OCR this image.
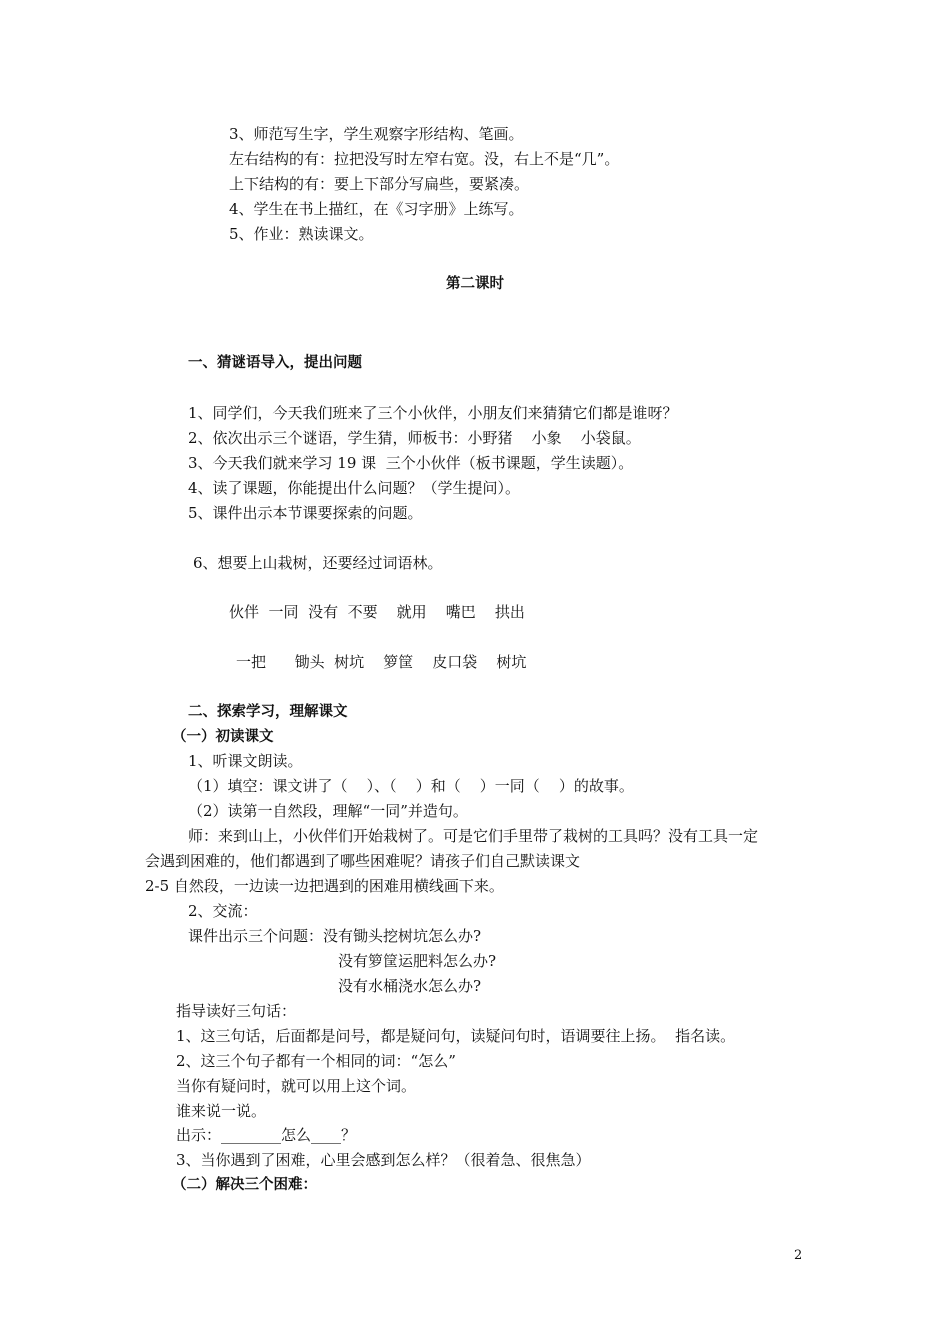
3、师范写生字，学生观察字形结构、笔画。
左右结构的有：拉把没写时左窄右宽。没，右上不是“几”。
上下结构的有：要上下部分写扁些，要紧凑。
4、学生在书上描红，在《习字册》上练写。
5、作业：熟读课文。
第二课时
一、猜谜语导入，提出问题
1、同学们，今天我们班来了三个小伙伴，小朋友们来猜猜它们都是谁呀？
2、依次出示三个谜语，学生猜，师板书：小野猪    小象    小袋鼠。
3、今天我们就来学习 19 课  三个小伙伴（板书课题，学生读题）。
4、读了课题，你能提出什么问题？（学生提问）。
5、课件出示本节课要探索的问题。
6、想要上山栽树，还要经过词语林。
伙伴  一同  没有  不要    就用    嘴巴    拱出
一把      锄头  树坑    箩筐    皮口袋    树坑
二、探索学习，理解课文
（一）初读课文
1、听课文朗读。
（1）填空：课文讲了（    ）、（    ）和（    ）一同（    ）的故事。
（2）读第一自然段，理解“一同”并造句。
师：来到山上，小伙伴们开始栽树了。可是它们手里带了栽树的工具吗？没有工具一定
会遇到困难的，他们都遇到了哪些困难呢？请孩子们自己默读课文
2-5 自然段，一边读一边把遇到的困难用横线画下来。
2、交流：
课件出示三个问题：没有锄头挖树坑怎么办?
没有箩筐运肥料怎么办?
没有水桶浇水怎么办?
指导读好三句话：
1、这三句话，后面都是问号，都是疑问句，读疑问句时，语调要往上扬。  指名读。
2、这三个句子都有一个相同的词：“怎么”
当你有疑问时，就可以用上这个词。
谁来说一说。
出示：________怎么____？
3、当你遇到了困难，心里会感到怎么样？（很着急、很焦急）
（二）解决三个困难：
2
